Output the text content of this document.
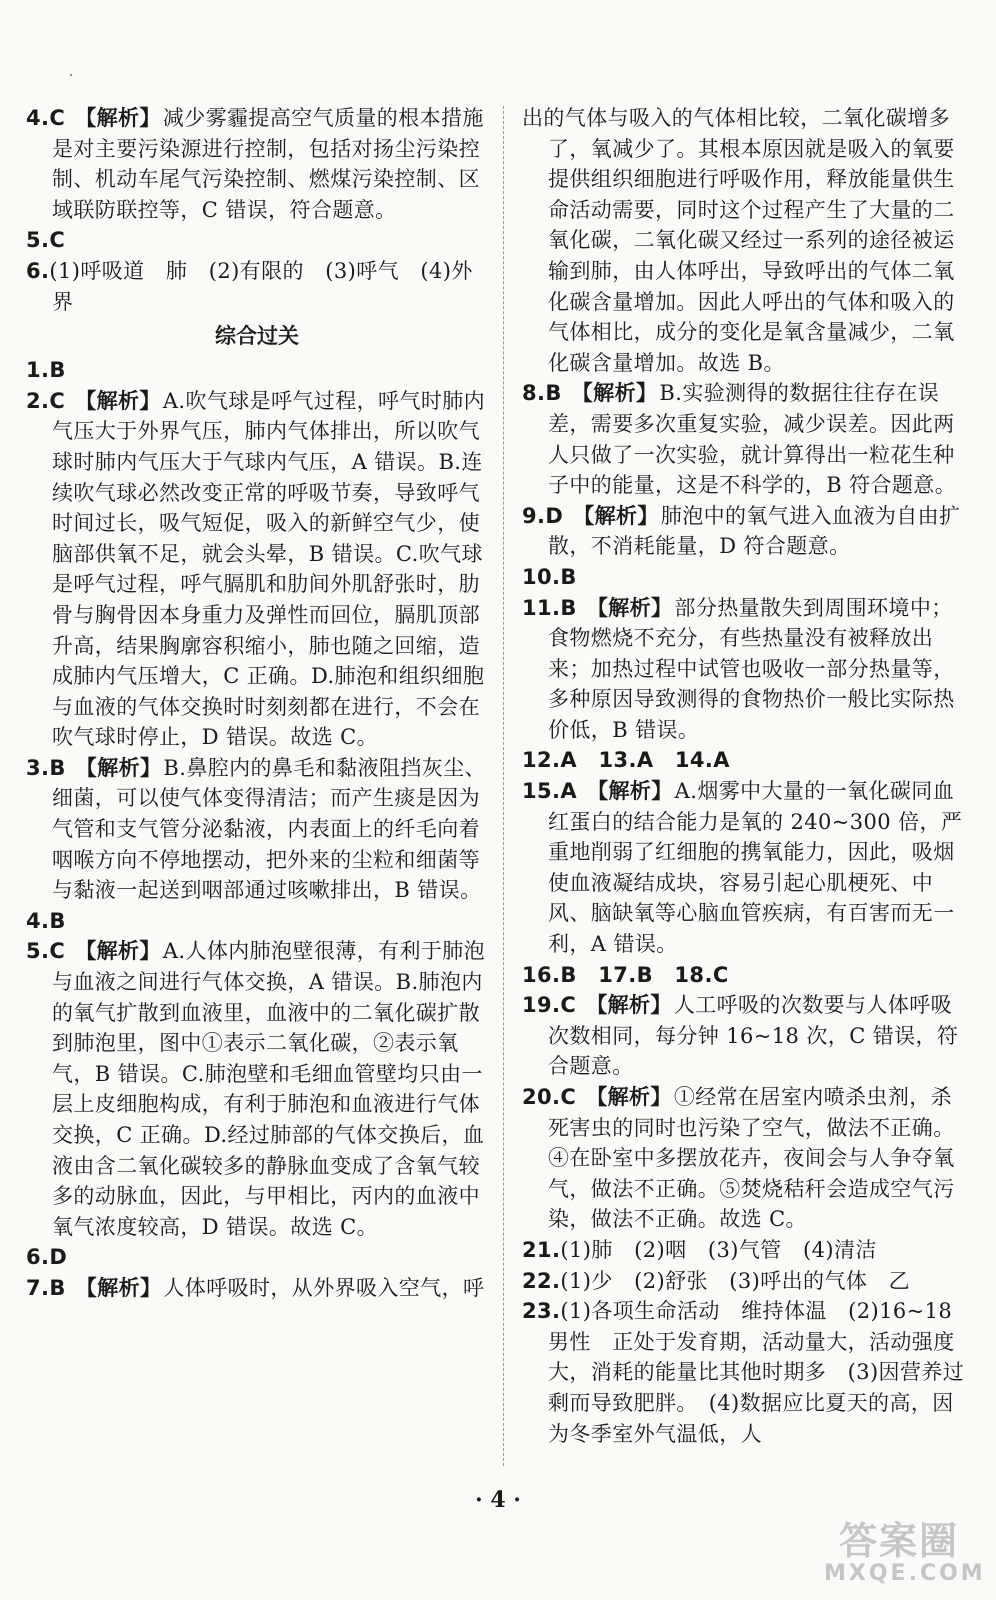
4.C 【解析】减少雾霾提高空气质量的根本措施是对主要污染源进行控制，包括对扬尘污染控制、机动车尾气污染控制、燃煤污染控制、区域联防联控等，C 错误，符合题意。
5.C
6.(1)呼吸道　肺　(2)有限的　(3)呼气　(4)外界
综合过关
1.B
2.C 【解析】A.吹气球是呼气过程，呼气时肺内气压大于外界气压，肺内气体排出，所以吹气球时肺内气压大于气球内气压，A 错误。B.连续吹气球必然改变正常的呼吸节奏，导致呼气时间过长，吸气短促，吸入的新鲜空气少，使脑部供氧不足，就会头晕，B 错误。C.吹气球是呼气过程，呼气膈肌和肋间外肌舒张时，肋骨与胸骨因本身重力及弹性而回位，膈肌顶部升高，结果胸廓容积缩小，肺也随之回缩，造成肺内气压增大，C 正确。D.肺泡和组织细胞与血液的气体交换时时刻刻都在进行，不会在吹气球时停止，D 错误。故选 C。
3.B 【解析】B.鼻腔内的鼻毛和黏液阻挡灰尘、细菌，可以使气体变得清洁；而产生痰是因为气管和支气管分泌黏液，内表面上的纤毛向着咽喉方向不停地摆动，把外来的尘粒和细菌等与黏液一起送到咽部通过咳嗽排出，B 错误。
4.B
5.C 【解析】A.人体内肺泡壁很薄，有利于肺泡与血液之间进行气体交换，A 错误。B.肺泡内的氧气扩散到血液里，血液中的二氧化碳扩散到肺泡里，图中①表示二氧化碳，②表示氧气，B 错误。C.肺泡壁和毛细血管壁均只由一层上皮细胞构成，有利于肺泡和血液进行气体交换，C 正确。D.经过肺部的气体交换后，血液由含二氧化碳较多的静脉血变成了含氧气较多的动脉血，因此，与甲相比，丙内的血液中氧气浓度较高，D 错误。故选 C。
6.D
7.B 【解析】人体呼吸时，从外界吸入空气，呼
出的气体与吸入的气体相比较，二氧化碳增多了，氧减少了。其根本原因就是吸入的氧要提供组织细胞进行呼吸作用，释放能量供生命活动需要，同时这个过程产生了大量的二氧化碳，二氧化碳又经过一系列的途径被运输到肺，由人体呼出，导致呼出的气体二氧化碳含量增加。因此人呼出的气体和吸入的气体相比，成分的变化是氧含量减少，二氧化碳含量增加。故选 B。
8.B 【解析】B.实验测得的数据往往存在误差，需要多次重复实验，减少误差。因此两人只做了一次实验，就计算得出一粒花生种子中的能量，这是不科学的，B 符合题意。
9.D 【解析】肺泡中的氧气进入血液为自由扩散，不消耗能量，D 符合题意。
10.B
11.B 【解析】部分热量散失到周围环境中；食物燃烧不充分，有些热量没有被释放出来；加热过程中试管也吸收一部分热量等，多种原因导致测得的食物热价一般比实际热价低，B 错误。
12.A　13.A　14.A
15.A 【解析】A.烟雾中大量的一氧化碳同血红蛋白的结合能力是氧的 240~300 倍，严重地削弱了红细胞的携氧能力，因此，吸烟使血液凝结成块，容易引起心肌梗死、中风、脑缺氧等心脑血管疾病，有百害而无一利，A 错误。
16.B　17.B　18.C
19.C 【解析】人工呼吸的次数要与人体呼吸次数相同，每分钟 16~18 次，C 错误，符合题意。
20.C 【解析】①经常在居室内喷杀虫剂，杀死害虫的同时也污染了空气，做法不正确。④在卧室中多摆放花卉，夜间会与人争夺氧气，做法不正确。⑤焚烧秸秆会造成空气污染，做法不正确。故选 C。
21.(1)肺　(2)咽　(3)气管　(4)清洁
22.(1)少　(2)舒张　(3)呼出的气体　乙
23.(1)各项生命活动　维持体温　(2)16~18 男性　正处于发育期，活动量大，活动强度大，消耗的能量比其他时期多　(3)因营养过剩而导致肥胖。　(4)数据应比夏天的高，因为冬季室外气温低，人
· 4 ·
答案圈
MXQE.COM
